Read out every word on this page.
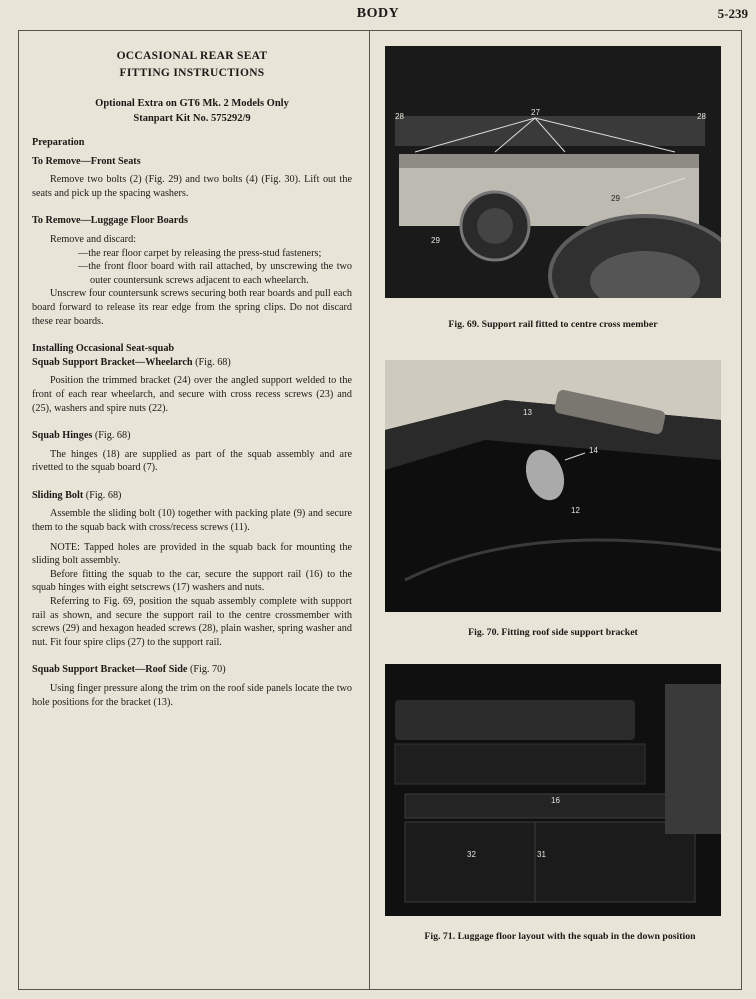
BODY	5-239
OCCASIONAL REAR SEAT
FITTING INSTRUCTIONS
Optional Extra on GT6 Mk. 2 Models Only
Stanpart Kit No. 575292/9

Preparation

To Remove—Front Seats

Remove two bolts (2) (Fig. 29) and two bolts (4) (Fig. 30). Lift out the seats and pick up the spacing washers.

To Remove—Luggage Floor Boards

Remove and discard:

—the rear floor carpet by releasing the press-stud fasteners;

—the front floor board with rail attached, by unscrewing the two outer countersunk screws adjacent to each wheelarch.

Unscrew four countersunk screws securing both rear boards and pull each board forward to release its rear edge from the spring clips. Do not discard these rear boards.

Installing Occasional Seat-squab

Squab Support Bracket—Wheelarch (Fig. 68)

Position the trimmed bracket (24) over the angled support welded to the front of each rear wheelarch, and secure with cross recess screws (23) and (25), washers and spire nuts (22).

Squab Hinges (Fig. 68)

The hinges (18) are supplied as part of the squab assembly and are rivetted to the squab board (7).

Sliding Bolt (Fig. 68)

Assemble the sliding bolt (10) together with packing plate (9) and secure them to the squab back with cross/recess screws (11).

NOTE: Tapped holes are provided in the squab back for mounting the sliding bolt assembly.

Before fitting the squab to the car, secure the support rail (16) to the squab hinges with eight setscrews (17) washers and nuts.

Referring to Fig. 69, position the squab assembly complete with support rail as shown, and secure the support rail to the centre crossmember with screws (29) and hexagon headed screws (28), plain washer, spring washer and nut. Fit four spire clips (27) to the support rail.

Squab Support Bracket—Roof Side (Fig. 70)

Using finger pressure along the trim on the roof side panels locate the two hole positions for the bracket (13).

28	27	28
29
29
Fig. 69. Support rail fitted to centre cross member
13
14
12
Fig. 70. Fitting roof side support bracket
16
32	31
Fig. 71. Luggage floor layout with the squab in the down position
